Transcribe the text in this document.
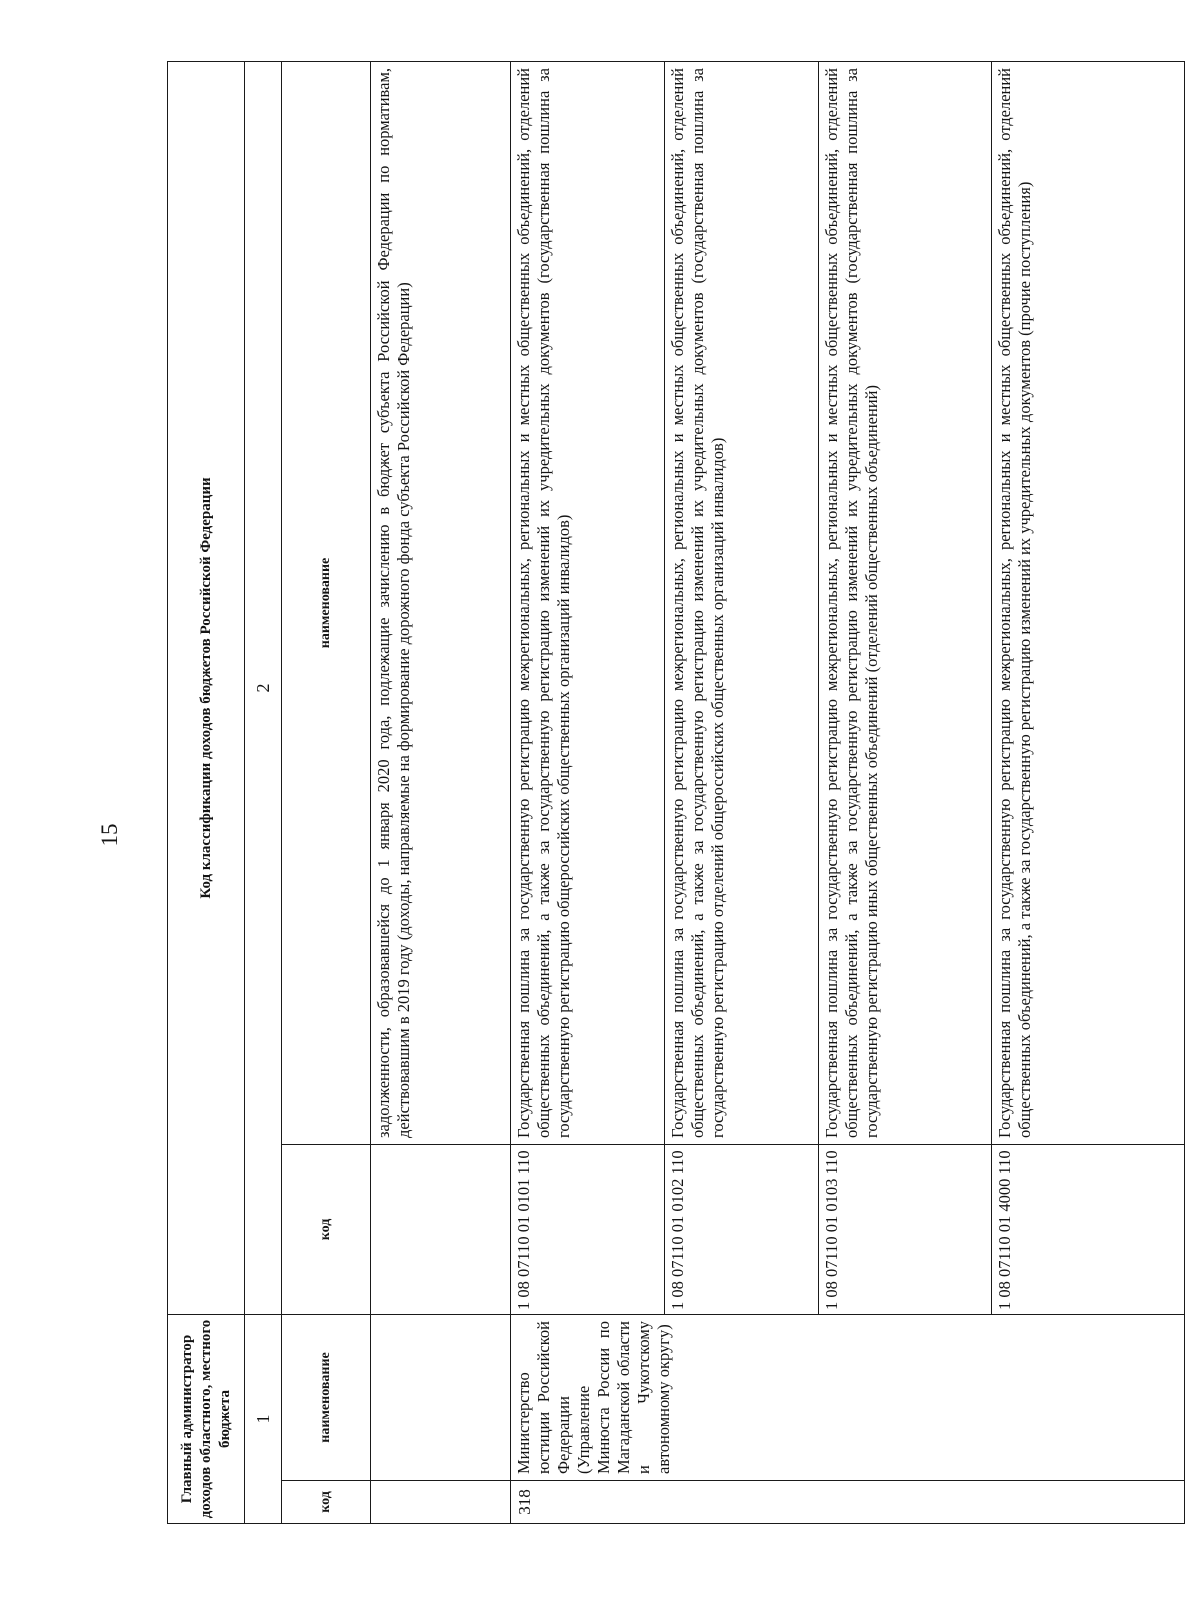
15
Главный администратор доходов областного, местного бюджета		Код классификации доходов бюджетов Российской Федерации	
1		2	
код	наименование	код	наименование
			задолженности, образовавшейся до 1 января 2020 года, подлежащие зачислению в бюджет субъекта Российской Федерации по нормативам, действовавшим в 2019 году (доходы, направляемые на формирование дорожного фонда субъекта Российской Федерации)
318	Министерство юстиции Российской Федерации (Управление Минюста России по Магаданской области и Чукотскому автономному округу)	1 08 07110 01 0101 110	Государственная пошлина за государственную регистрацию межрегиональных, региональных и местных общественных объединений, отделений общественных объединений, а также за государственную регистрацию изменений их учредительных документов (государственная пошлина за государственную регистрацию общероссийских общественных организаций инвалидов)
		1 08 07110 01 0102 110	Государственная пошлина за государственную регистрацию межрегиональных, региональных и местных общественных объединений, отделений общественных объединений, а также за государственную регистрацию изменений их учредительных документов (государственная пошлина за государственную регистрацию отделений общероссийских общественных организаций инвалидов)
		1 08 07110 01 0103 110	Государственная пошлина за государственную регистрацию межрегиональных, региональных и местных общественных объединений, отделений общественных объединений, а также за государственную регистрацию изменений их учредительных документов (государственная пошлина за государственную регистрацию иных общественных объединений (отделений общественных объединений)
		1 08 07110 01 4000 110	Государственная пошлина за государственную регистрацию межрегиональных, региональных и местных общественных объединений, отделений общественных объединений, а также за государственную регистрацию изменений их учредительных документов (прочие поступления)
